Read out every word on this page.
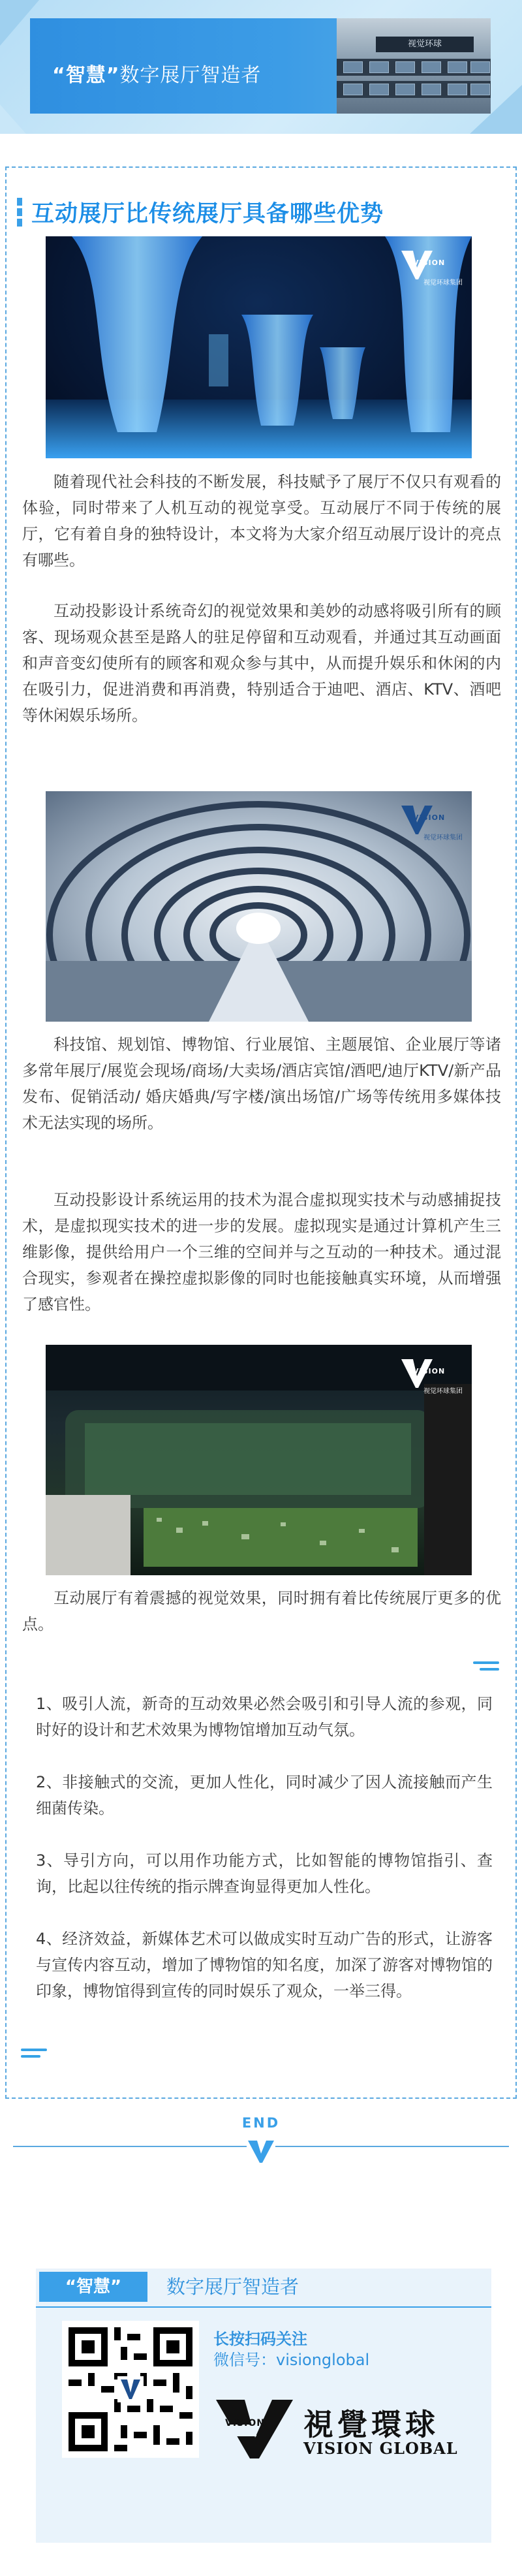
视觉环球
“智慧”数字展厅智造者
互动展厅比传统展厅具备哪些优势
VISION
视觉环球集团
随着现代社会科技的不断发展，科技赋予了展厅不仅只有观看的体验，同时带来了人机互动的视觉享受。互动展厅不同于传统的展厅，它有着自身的独特设计，本文将为大家介绍互动展厅设计的亮点有哪些。
互动投影设计系统奇幻的视觉效果和美妙的动感将吸引所有的顾客、现场观众甚至是路人的驻足停留和互动观看，并通过其互动画面和声音变幻使所有的顾客和观众参与其中，从而提升娱乐和休闲的内在吸引力，促进消费和再消费，特别适合于迪吧、酒店、KTV、酒吧等休闲娱乐场所。
VISION
视觉环球集团
科技馆、规划馆、博物馆、行业展馆、主题展馆、企业展厅等诸多常年展厅/展览会现场/商场/大卖场/酒店宾馆/酒吧/迪厅KTV/新产品发布、促销活动/ 婚庆婚典/写字楼/演出场馆/广场等传统用多媒体技术无法实现的场所。
互动投影设计系统运用的技术为混合虚拟现实技术与动感捕捉技术，是虚拟现实技术的进一步的发展。虚拟现实是通过计算机产生三维影像，提供给用户一个三维的空间并与之互动的一种技术。通过混合现实，参观者在操控虚拟影像的同时也能接触真实环境，从而增强了感官性。
VISION
视觉环球集团
互动展厅有着震撼的视觉效果，同时拥有着比传统展厅更多的优点。
1、吸引人流，新奇的互动效果必然会吸引和引导人流的参观，同时好的设计和艺术效果为博物馆增加互动气氛。
2、非接触式的交流，更加人性化，同时减少了因人流接触而产生细菌传染。
3、导引方向，可以用作功能方式，比如智能的博物馆指引、查询，比起以往传统的指示牌查询显得更加人性化。
4、经济效益，新媒体艺术可以做成实时互动广告的形式，让游客与宣传内容互动，增加了博物馆的知名度，加深了游客对博物馆的印象，博物馆得到宣传的同时娱乐了观众，一举三得。
END
“智慧”	数字展厅智造者
长按扫码关注
微信号：visionglobal
VISION 視覺環球
VISION GLOBAL
